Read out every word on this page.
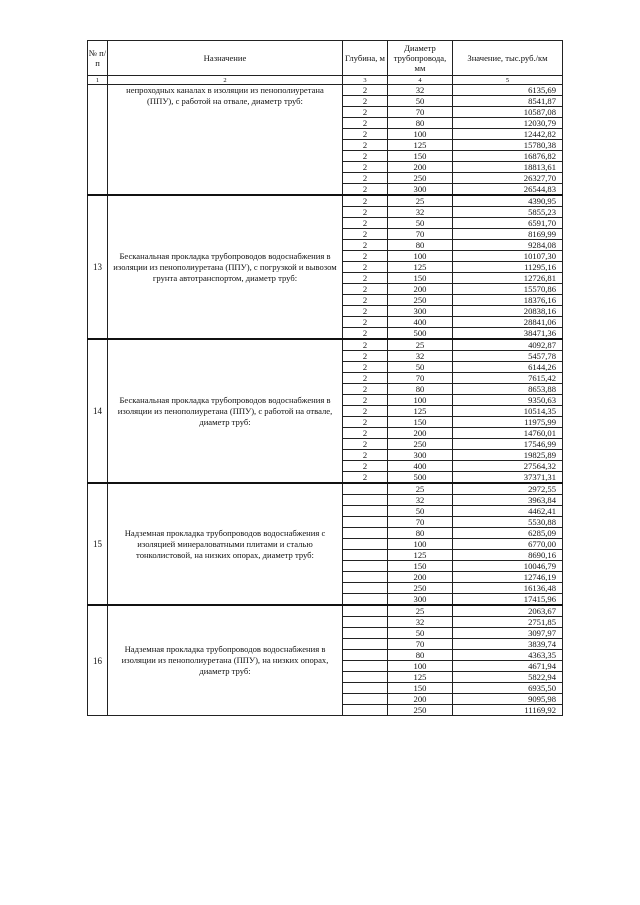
№ п/п	Назначение	Глубина, м	Диаметр трубопровода, мм	Значение, тыс.руб./км
1	2	3	4	5
	непроходных каналах в изоляции из пенополиуретана (ППУ), с работой на отвале, диаметр труб:	2	32	6135,69
		2	50	8541,87
		2	70	10587,08
		2	80	12030,79
		2	100	12442,82
		2	125	15780,38
		2	150	16876,82
		2	200	18813,61
		2	250	26327,70
		2	300	26544,83
13	Бесканальная прокладка трубопроводов водоснабжения в изоляции из пенополиуретана (ППУ), с погрузкой и вывозом грунта автотранспортом, диаметр труб:	2	25	4390,95
		2	32	5855,23
		2	50	6591,70
		2	70	8169,99
		2	80	9284,08
		2	100	10107,30
		2	125	11295,16
		2	150	12726,81
		2	200	15570,86
		2	250	18376,16
		2	300	20838,16
		2	400	28841,06
		2	500	38471,36
14	Бесканальная прокладка трубопроводов водоснабжения в изоляции из пенополиуретана (ППУ), с работой на отвале, диаметр труб:	2	25	4092,87
		2	32	5457,78
		2	50	6144,26
		2	70	7615,42
		2	80	8653,88
		2	100	9350,63
		2	125	10514,35
		2	150	11975,99
		2	200	14760,01
		2	250	17546,99
		2	300	19825,89
		2	400	27564,32
		2	500	37371,31
15	Надземная прокладка трубопроводов водоснабжения с изоляцией минераловатными плитами и сталью тонколистовой, на низких опорах, диаметр труб:		25	2972,55
			32	3963,84
			50	4462,41
			70	5530,88
			80	6285,09
			100	6770,00
			125	8690,16
			150	10046,79
			200	12746,19
			250	16136,48
			300	17415,96
16	Надземная прокладка трубопроводов водоснабжения в изоляции из пенополиуретана (ППУ), на низких опорах, диаметр труб:		25	2063,67
			32	2751,85
			50	3097,97
			70	3839,74
			80	4363,35
			100	4671,94
			125	5822,94
			150	6935,50
			200	9095,98
			250	11169,92
